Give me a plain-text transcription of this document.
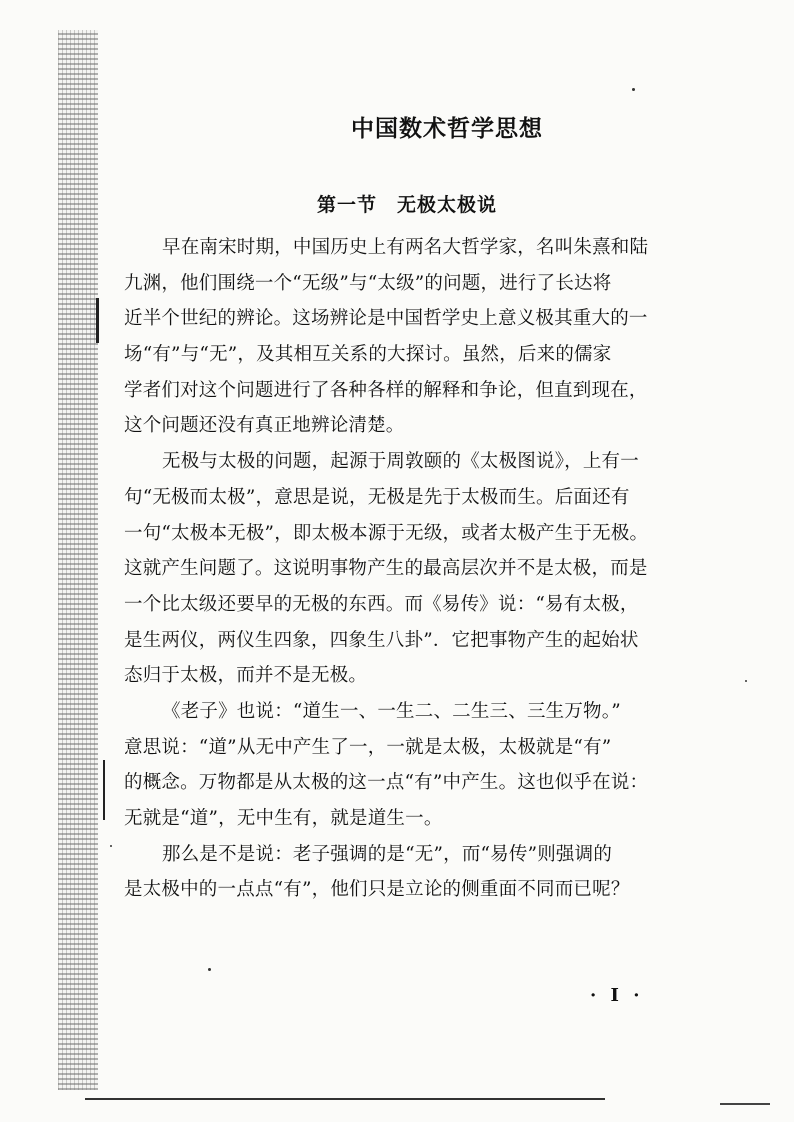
中国数术哲学思想
第一节　无极太极说
早在南宋时期，中国历史上有两名大哲学家，名叫朱熹和陆
九渊，他们围绕一个“无级”与“太级”的问题，进行了长达将
近半个世纪的辨论。这场辨论是中国哲学史上意义极其重大的一
场“有”与“无”，及其相互关系的大探讨。虽然，后来的儒家
学者们对这个问题进行了各种各样的解释和争论，但直到现在，
这个问题还没有真正地辨论清楚。
无极与太极的问题，起源于周敦颐的《太极图说》，上有一
句“无极而太极”，意思是说，无极是先于太极而生。后面还有
一句“太极本无极”，即太极本源于无级，或者太极产生于无极。
这就产生问题了。这说明事物产生的最高层次并不是太极，而是
一个比太级还要早的无极的东西。而《易传》说：“易有太极，
是生两仪，两仪生四象，四象生八卦”．它把事物产生的起始状
态归于太极，而并不是无极。
《老子》也说：“道生一、一生二、二生三、三生万物。”
意思说：“道”从无中产生了一，一就是太极，太极就是“有”
的概念。万物都是从太极的这一点“有”中产生。这也似乎在说：
无就是“道”，无中生有，就是道生一。
那么是不是说：老子强调的是“无”，而“易传”则强调的
是太极中的一点点“有”，他们只是立论的侧重面不同而已呢？
· I ·
